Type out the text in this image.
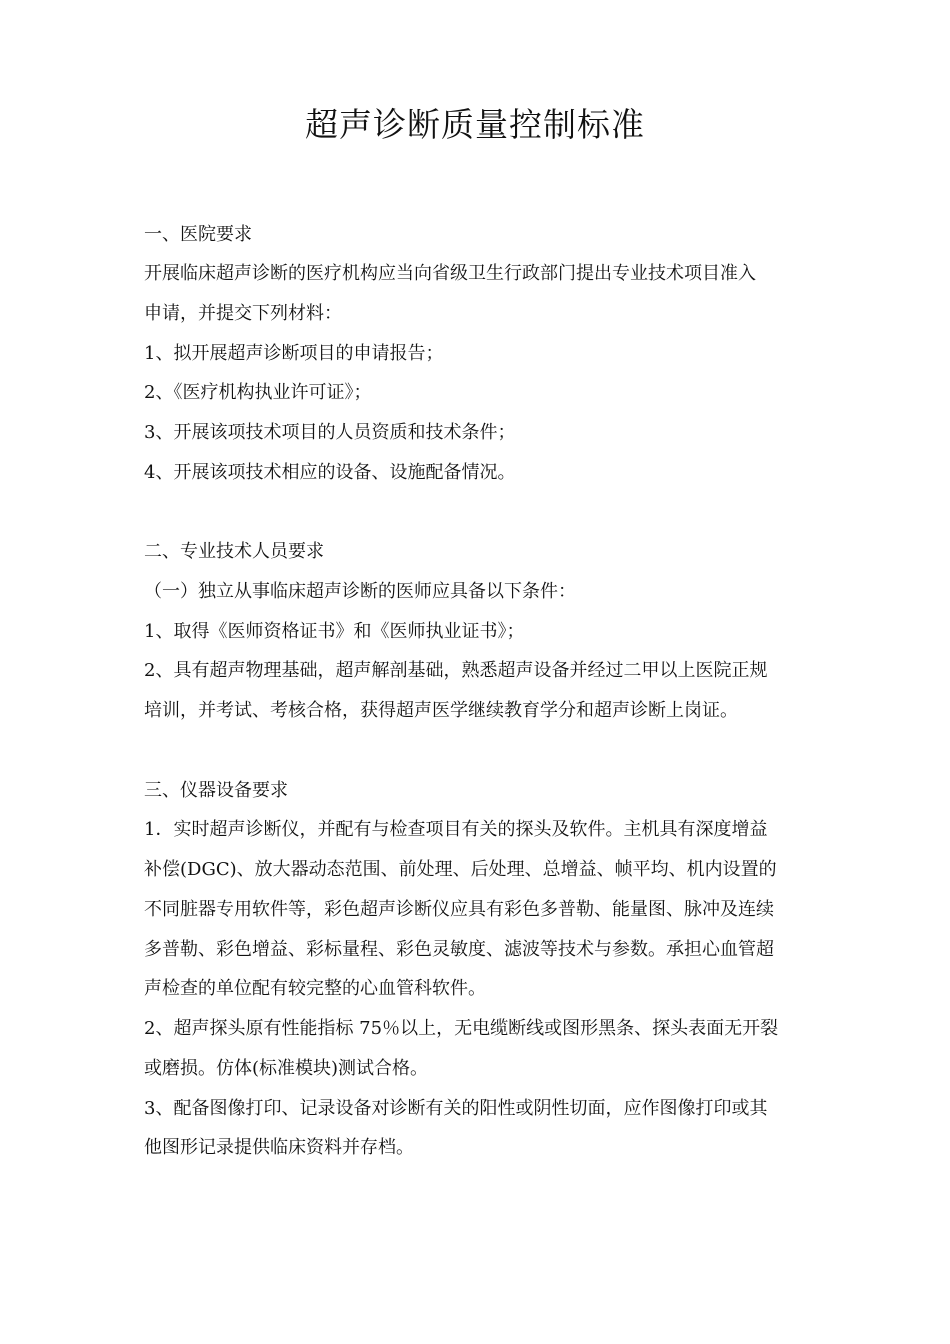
超声诊断质量控制标准
一、医院要求
开展临床超声诊断的医疗机构应当向省级卫生行政部门提出专业技术项目准入
申请，并提交下列材料：
1、拟开展超声诊断项目的申请报告；
2、《医疗机构执业许可证》；
3、开展该项技术项目的人员资质和技术条件；
4、开展该项技术相应的设备、设施配备情况。
二、专业技术人员要求
（一）独立从事临床超声诊断的医师应具备以下条件：
1、取得《医师资格证书》和《医师执业证书》；
2、具有超声物理基础，超声解剖基础，熟悉超声设备并经过二甲以上医院正规
培训，并考试、考核合格，获得超声医学继续教育学分和超声诊断上岗证。
三、仪器设备要求
1．实时超声诊断仪，并配有与检查项目有关的探头及软件。主机具有深度增益
补偿(DGC)、放大器动态范围、前处理、后处理、总增益、帧平均、机内设置的
不同脏器专用软件等，彩色超声诊断仪应具有彩色多普勒、能量图、脉冲及连续
多普勒、彩色增益、彩标量程、彩色灵敏度、滤波等技术与参数。承担心血管超
声检查的单位配有较完整的心血管科软件。
2、超声探头原有性能指标 75％以上，无电缆断线或图形黑条、探头表面无开裂
或磨损。仿体(标准模块)测试合格。
3、配备图像打印、记录设备对诊断有关的阳性或阴性切面，应作图像打印或其
他图形记录提供临床资料并存档。
